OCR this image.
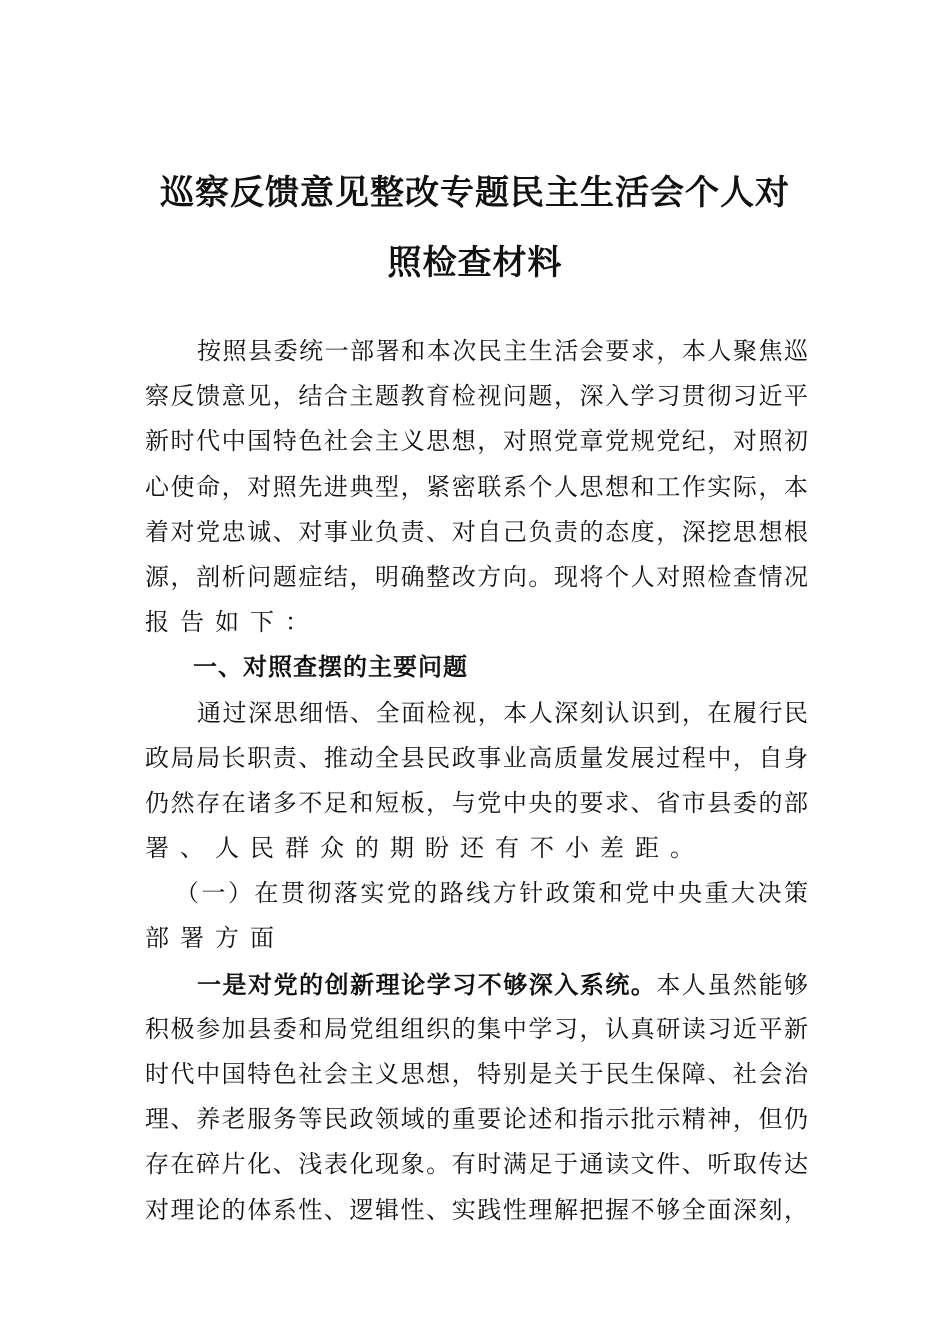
巡察反馈意见整改专题民主生活会个人对
照检查材料
按照县委统一部署和本次民主生活会要求，本人聚焦巡
察反馈意见，结合主题教育检视问题，深入学习贯彻习近平
新时代中国特色社会主义思想，对照党章党规党纪，对照初
心使命，对照先进典型，紧密联系个人思想和工作实际，本
着对党忠诚、对事业负责、对自己负责的态度，深挖思想根
源，剖析问题症结，明确整改方向。现将个人对照检查情况
报告如下：
一、对照查摆的主要问题
通过深思细悟、全面检视，本人深刻认识到，在履行民
政局局长职责、推动全县民政事业高质量发展过程中，自身
仍然存在诸多不足和短板，与党中央的要求、省市县委的部
署、人民群众的期盼还有不小差距。
（一）在贯彻落实党的路线方针政策和党中央重大决策
部署方面
一是对党的创新理论学习不够深入系统。本人虽然能够
积极参加县委和局党组组织的集中学习，认真研读习近平新
时代中国特色社会主义思想，特别是关于民生保障、社会治
理、养老服务等民政领域的重要论述和指示批示精神，但仍
存在碎片化、浅表化现象。有时满足于通读文件、听取传达
对理论的体系性、逻辑性、实践性理解把握不够全面深刻，
